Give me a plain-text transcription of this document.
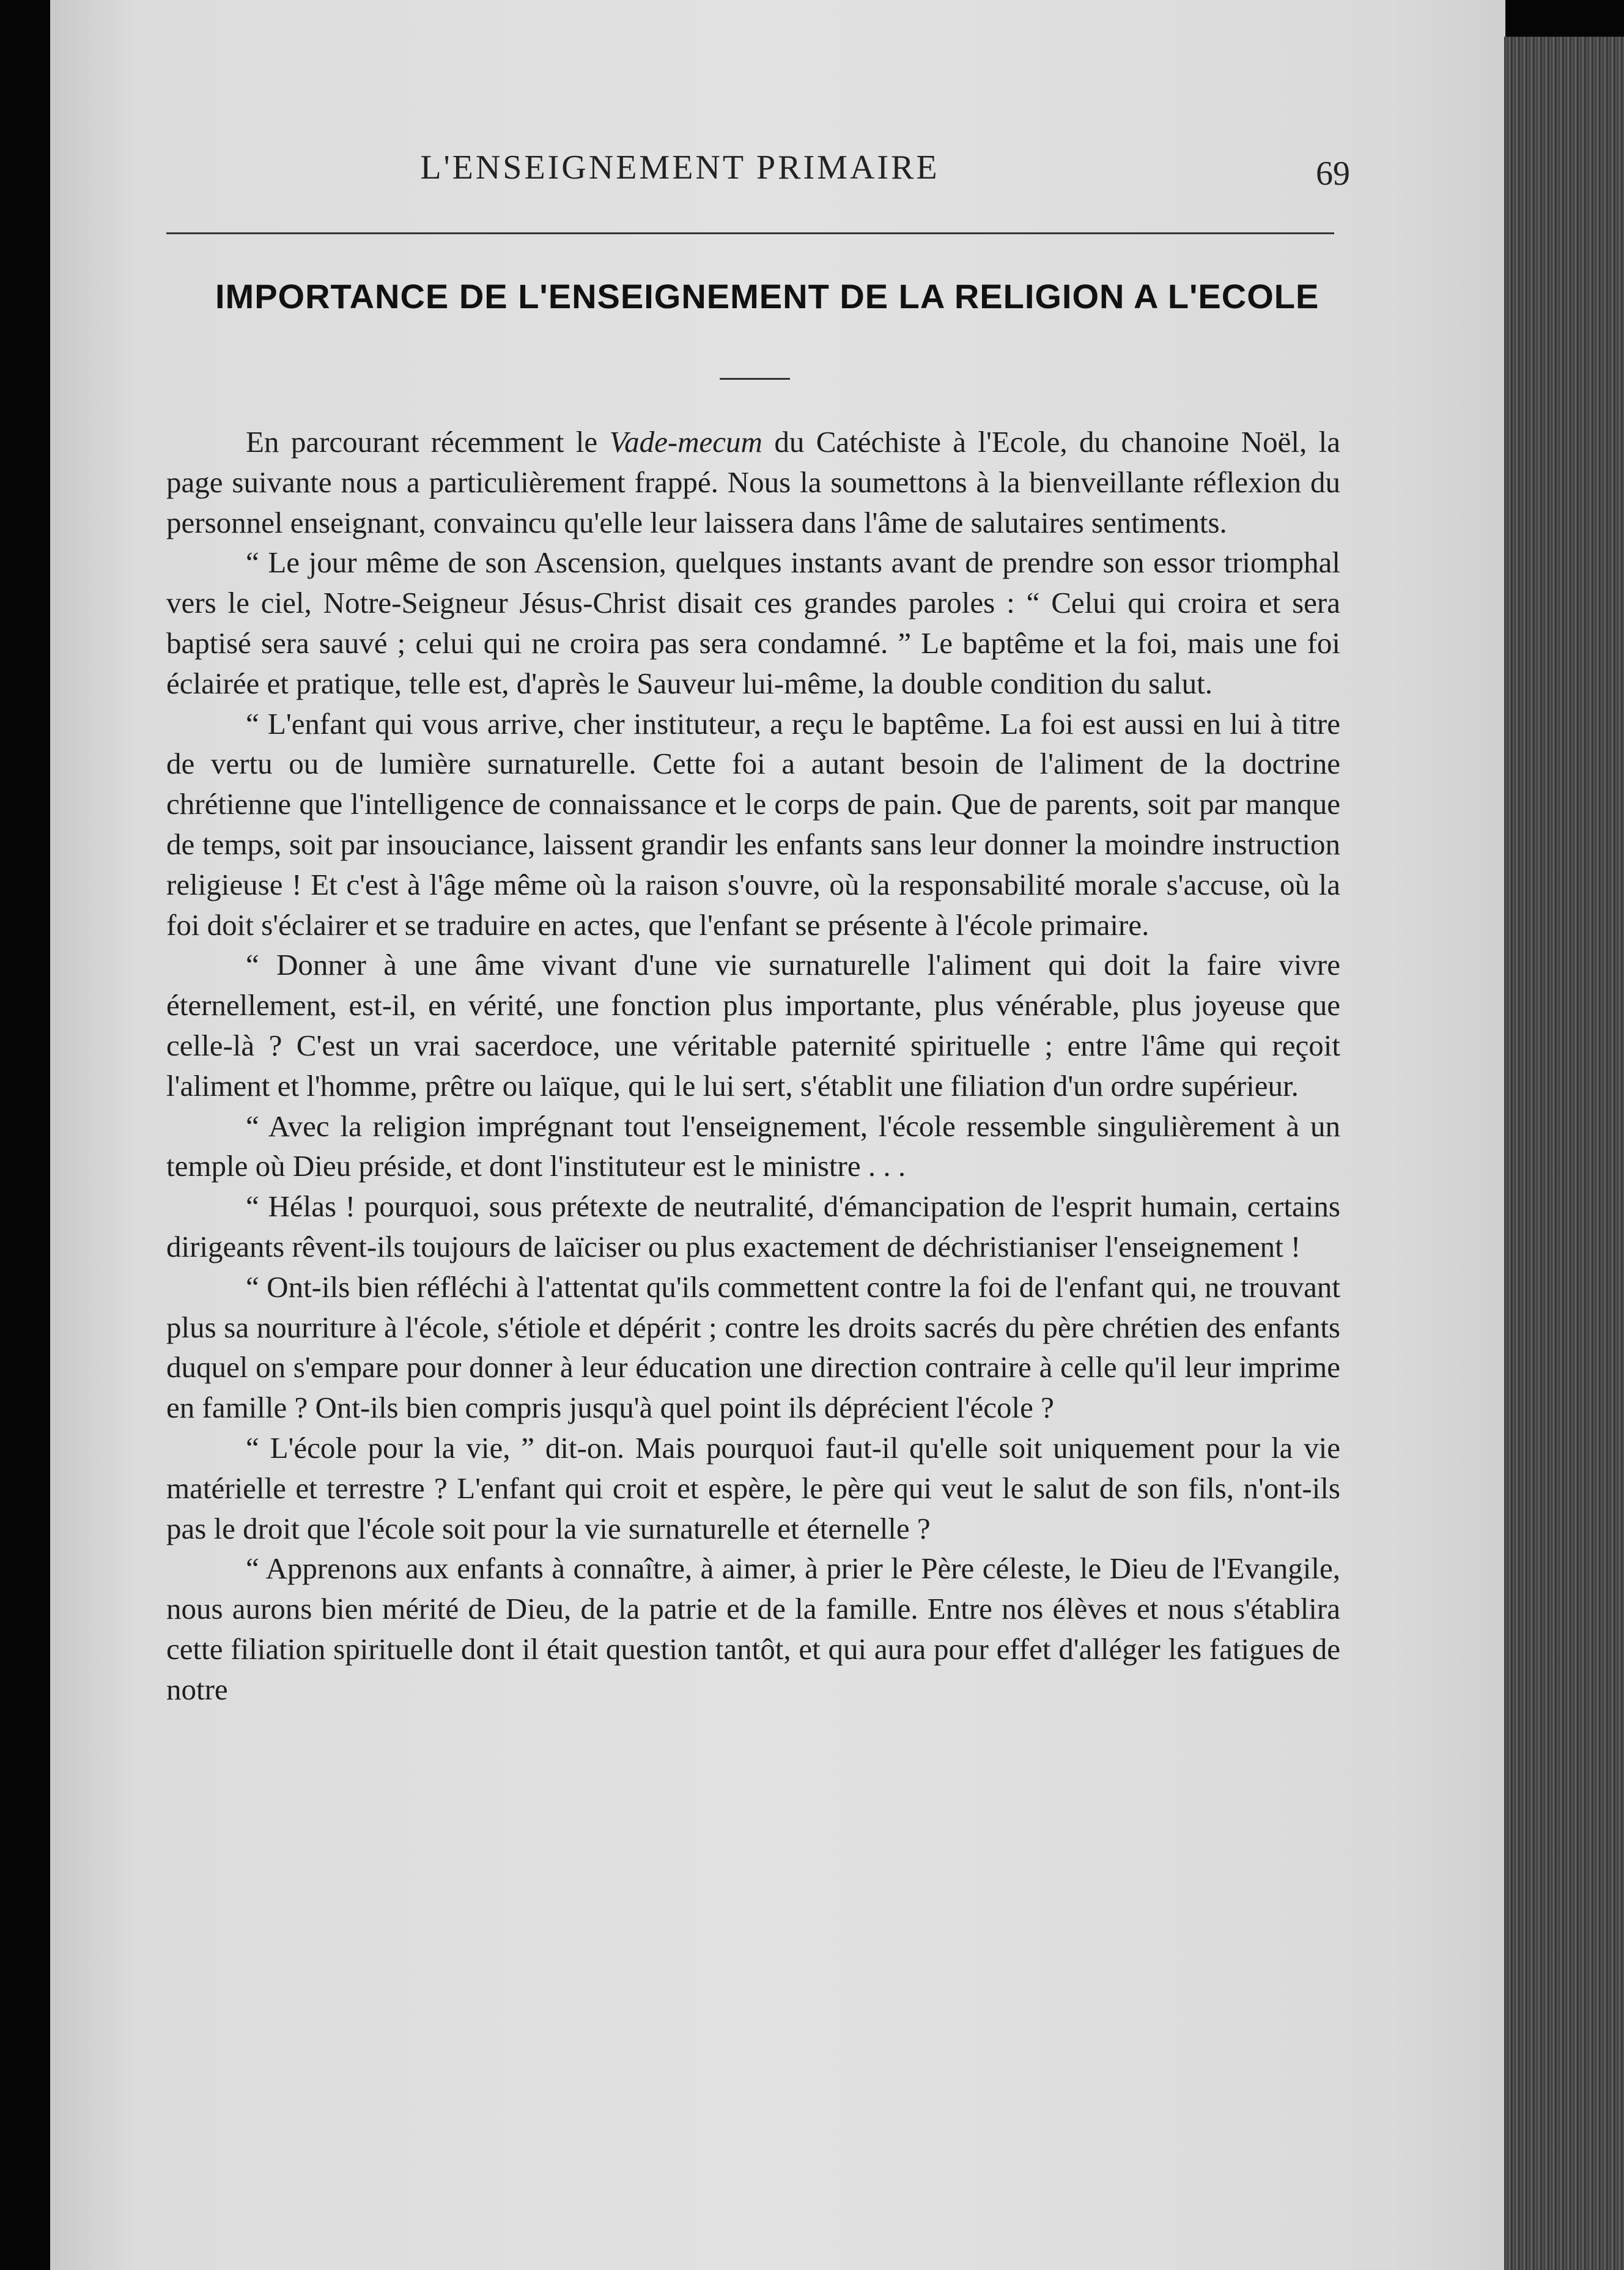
L'ENSEIGNEMENT PRIMAIRE	69
IMPORTANCE DE L'ENSEIGNEMENT DE LA RELIGION A L'ECOLE

En parcourant récemment le Vade-mecum du Catéchiste à l'Ecole, du chanoine Noël, la page suivante nous a particulièrement frappé. Nous la soumettons à la bienveillante réflexion du personnel enseignant, convaincu qu'elle leur laissera dans l'âme de salutaires sentiments.

“ Le jour même de son Ascension, quelques instants avant de prendre son essor triomphal vers le ciel, Notre-Seigneur Jésus-Christ disait ces grandes paroles : “ Celui qui croira et sera baptisé sera sauvé ; celui qui ne croira pas sera condamné. ” Le baptême et la foi, mais une foi éclairée et pratique, telle est, d'après le Sauveur lui-même, la double condition du salut.

“ L'enfant qui vous arrive, cher instituteur, a reçu le baptême. La foi est aussi en lui à titre de vertu ou de lumière surnaturelle. Cette foi a autant besoin de l'aliment de la doctrine chrétienne que l'intelligence de connaissance et le corps de pain. Que de parents, soit par manque de temps, soit par insouciance, laissent grandir les enfants sans leur donner la moindre instruction religieuse ! Et c'est à l'âge même où la raison s'ouvre, où la responsabilité morale s'accuse, où la foi doit s'éclairer et se traduire en actes, que l'enfant se présente à l'école primaire.

“ Donner à une âme vivant d'une vie surnaturelle l'aliment qui doit la faire vivre éternellement, est-il, en vérité, une fonction plus importante, plus vénérable, plus joyeuse que celle-là ? C'est un vrai sacerdoce, une véritable paternité spirituelle ; entre l'âme qui reçoit l'aliment et l'homme, prêtre ou laïque, qui le lui sert, s'établit une filiation d'un ordre supérieur.

“ Avec la religion imprégnant tout l'enseignement, l'école ressemble singulièrement à un temple où Dieu préside, et dont l'instituteur est le ministre . . .

“ Hélas ! pourquoi, sous prétexte de neutralité, d'émancipation de l'esprit humain, certains dirigeants rêvent-ils toujours de laïciser ou plus exactement de déchristianiser l'enseignement !

“ Ont-ils bien réfléchi à l'attentat qu'ils commettent contre la foi de l'enfant qui, ne trouvant plus sa nourriture à l'école, s'étiole et dépérit ; contre les droits sacrés du père chrétien des enfants duquel on s'empare pour donner à leur éducation une direction contraire à celle qu'il leur imprime en famille ? Ont-ils bien compris jusqu'à quel point ils déprécient l'école ?

“ L'école pour la vie, ” dit-on. Mais pourquoi faut-il qu'elle soit uniquement pour la vie matérielle et terrestre ? L'enfant qui croit et espère, le père qui veut le salut de son fils, n'ont-ils pas le droit que l'école soit pour la vie surnaturelle et éternelle ?

“ Apprenons aux enfants à connaître, à aimer, à prier le Père céleste, le Dieu de l'Evangile, nous aurons bien mérité de Dieu, de la patrie et de la famille. Entre nos élèves et nous s'établira cette filiation spirituelle dont il était question tantôt, et qui aura pour effet d'alléger les fatigues de notre
